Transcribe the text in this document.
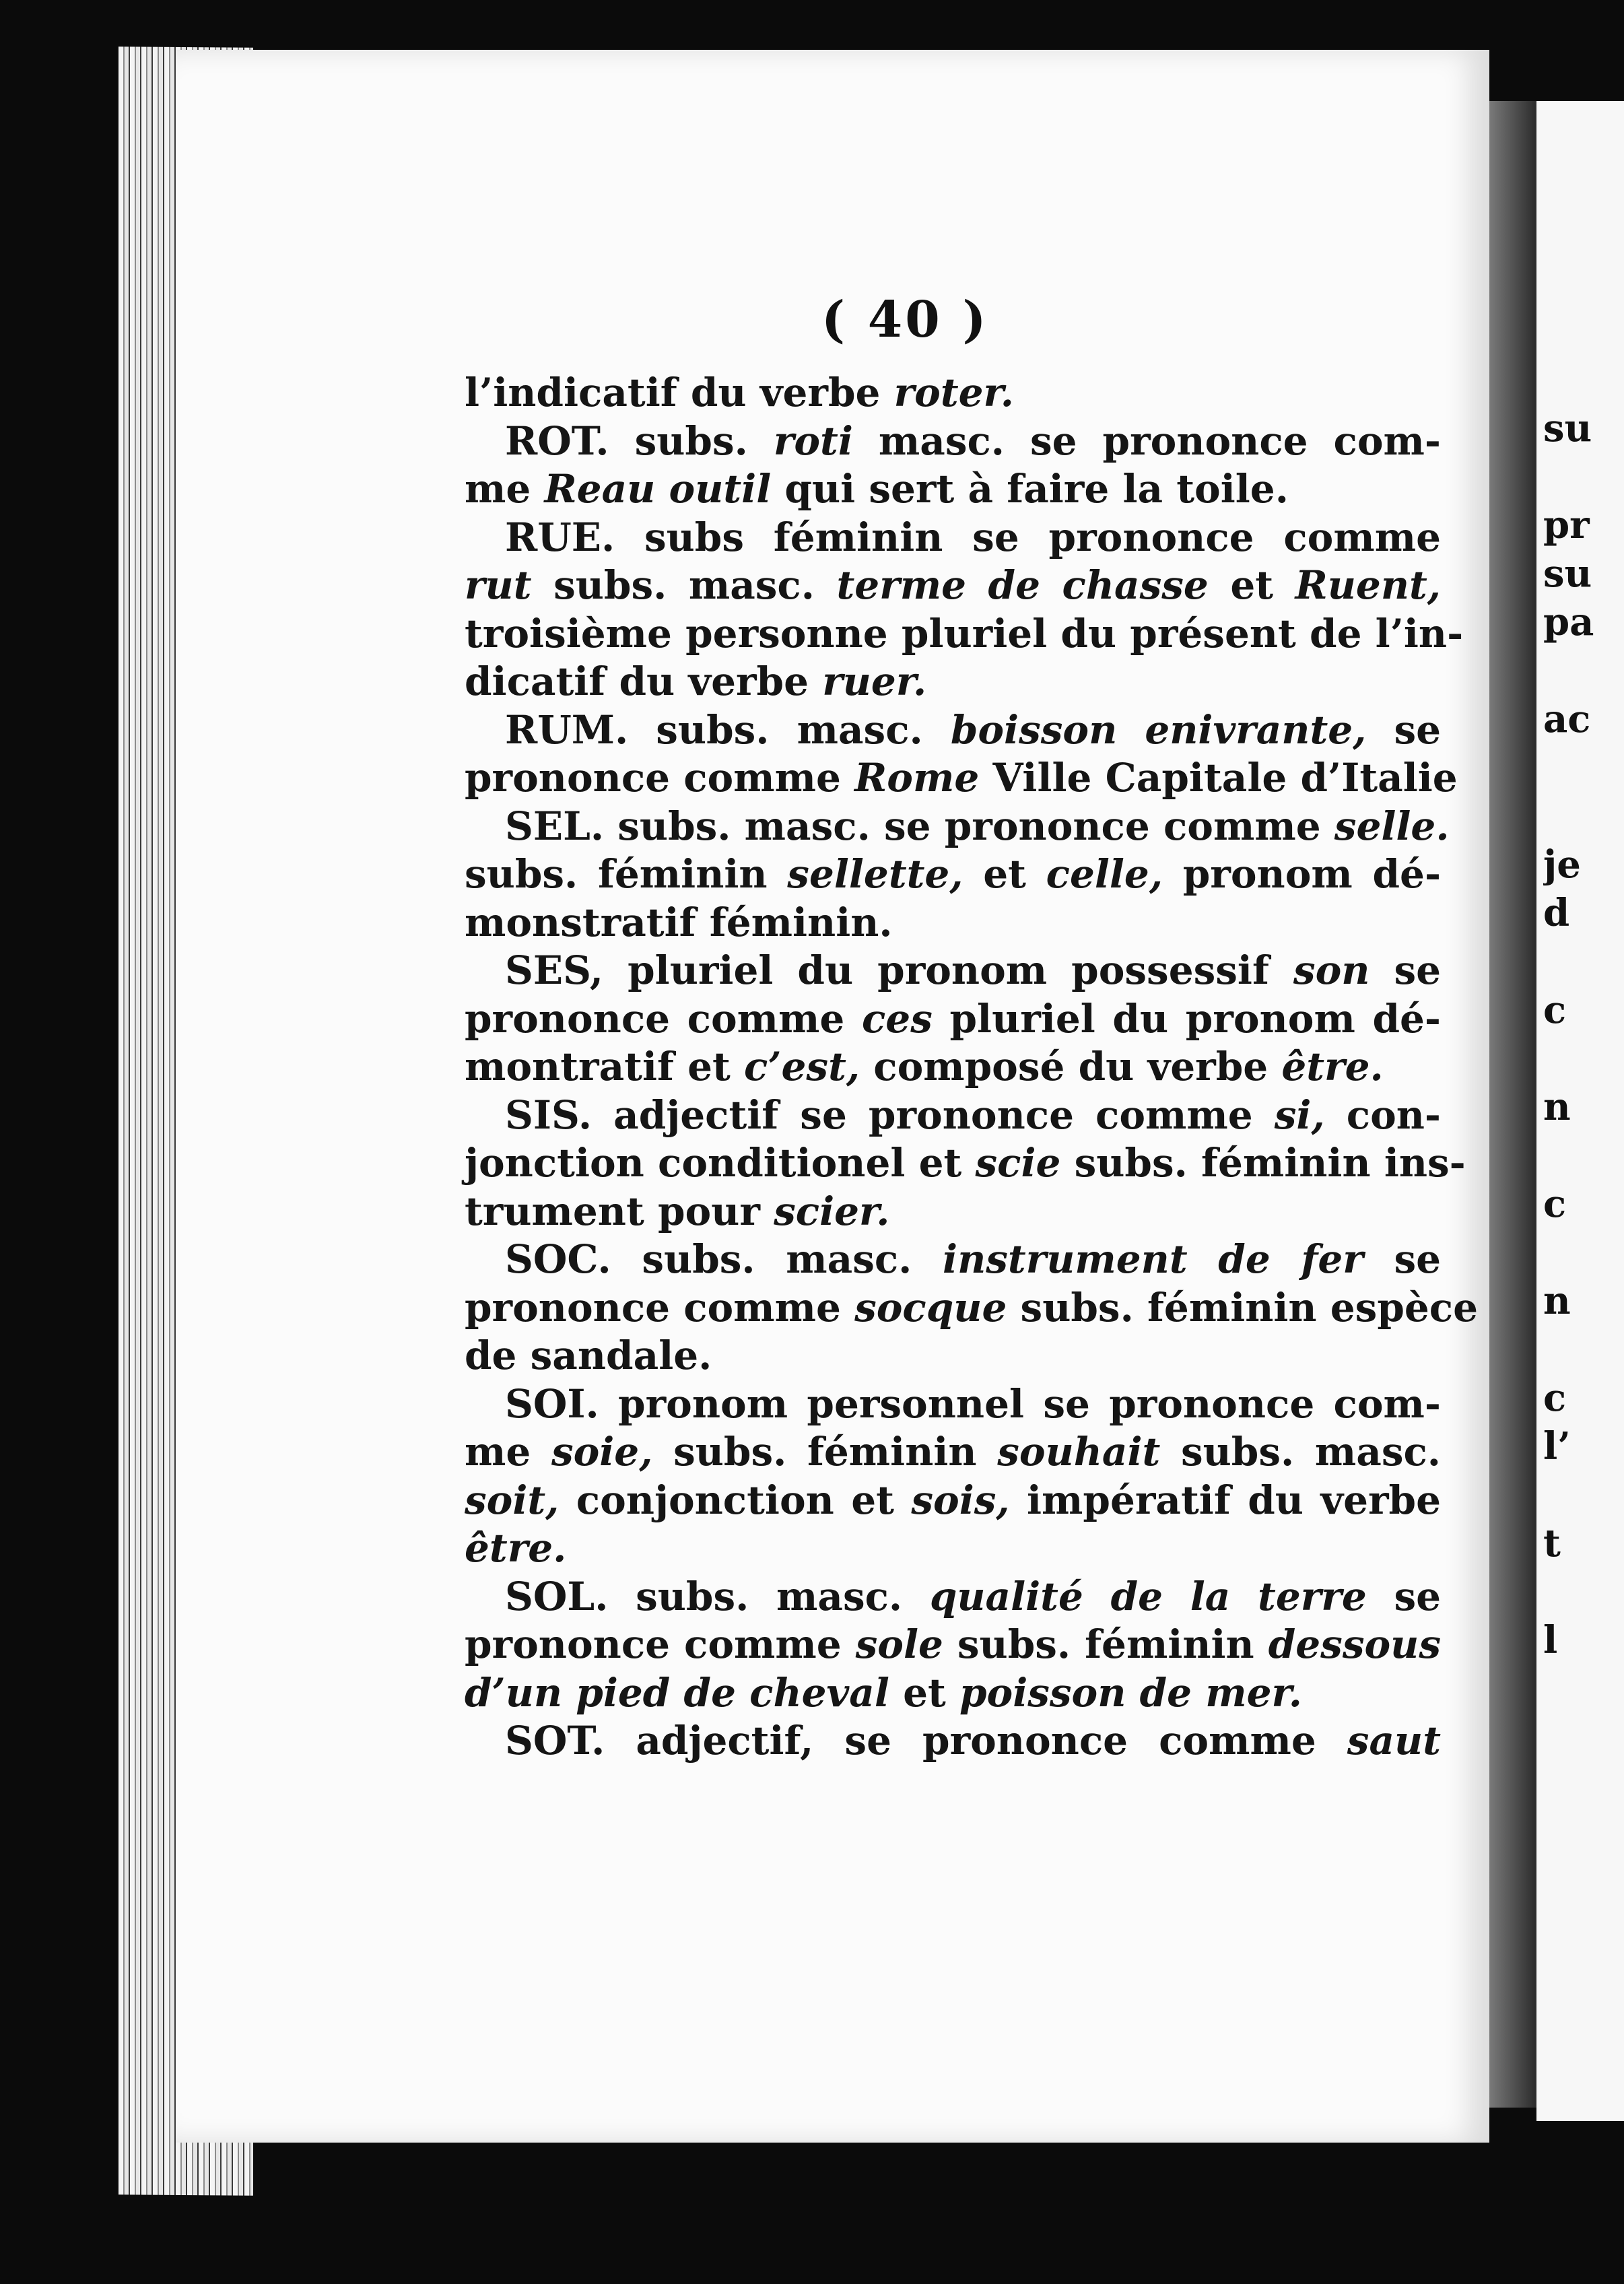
( 40 )
l’indicatif du verbe roter.
ROT. subs. roti masc. se prononce com-
me Reau outil qui sert à faire la toile.
RUE. subs féminin se prononce comme
rut subs. masc. terme de chasse et Ruent,
troisième personne pluriel du présent de l’in-
dicatif du verbe ruer.
RUM. subs. masc. boisson enivrante, se
prononce comme Rome Ville Capitale d’Italie
SEL. subs. masc. se prononce comme selle.
subs. féminin sellette, et celle, pronom dé-
monstratif féminin.
SES, pluriel du pronom possessif son se
prononce comme ces pluriel du pronom dé-
montratif et c’est, composé du verbe être.
SIS. adjectif se prononce comme si, con-
jonction conditionel et scie subs. féminin ins-
trument pour scier.
SOC. subs. masc. instrument de fer se
prononce comme socque subs. féminin espèce
de sandale.
SOI. pronom personnel se prononce com-
me soie, subs. féminin souhait subs. masc.
soit, conjonction et sois, impératif du verbe
être.
SOL. subs. masc. qualité de la terre se
prononce comme sole subs. féminin dessous
d’un pied de cheval et poisson de mer.
SOT. adjectif, se prononce comme saut
su
pr
su
pa
ac
je
d
c
n
c
n
c
l’
t
l
